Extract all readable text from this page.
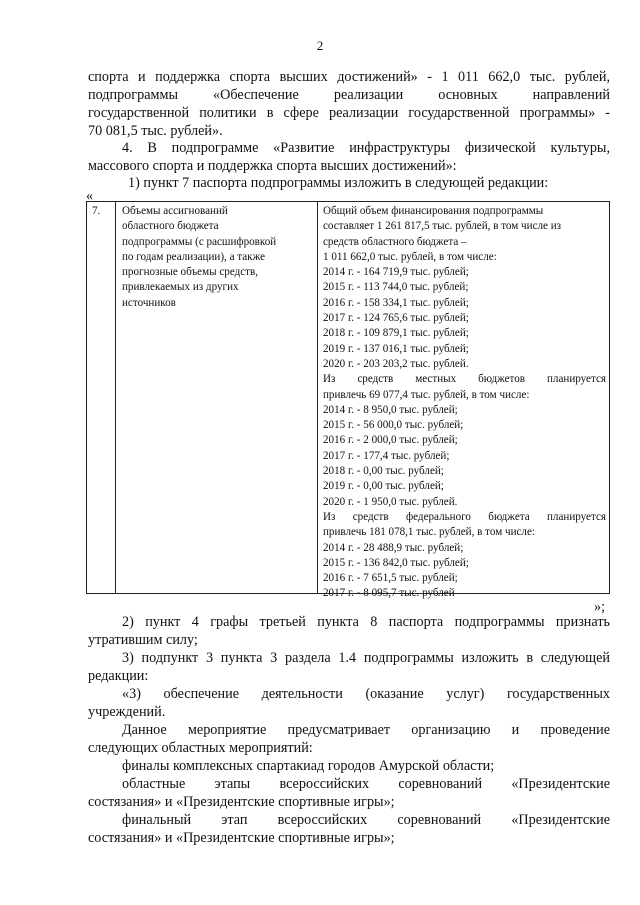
2
спорта и поддержка спорта высших достижений» - 1 011 662,0 тыс. рублей,
подпрограммы «Обеспечение реализации основных направлений
государственной политики в сфере реализации государственной программы» -
70 081,5 тыс. рублей».
4. В подпрограмме «Развитие инфраструктуры физической культуры,
массового спорта и поддержка спорта высших достижений»:
1) пункт 7 паспорта подпрограммы изложить в следующей редакции:
«
7. Объемы ассигнований
областного бюджета
подпрограммы (с расшифровкой
по годам реализации), а также
прогнозные объемы средств,
привлекаемых из других
источников
Общий объем финансирования подпрограммы
составляет 1 261 817,5 тыс. рублей, в том числе из
средств областного бюджета –
1 011 662,0 тыс. рублей, в том числе:
2014 г. - 164 719,9 тыс. рублей;
2015 г. - 113 744,0 тыс. рублей;
2016 г. - 158 334,1 тыс. рублей;
2017 г. - 124 765,6 тыс. рублей;
2018 г. - 109 879,1 тыс. рублей;
2019 г. - 137 016,1 тыс. рублей;
2020 г. - 203 203,2 тыс. рублей.
Из средств местных бюджетов планируется
привлечь 69 077,4 тыс. рублей, в том числе:
2014 г. - 8 950,0 тыс. рублей;
2015 г. - 56 000,0 тыс. рублей;
2016 г. - 2 000,0 тыс. рублей;
2017 г. - 177,4 тыс. рублей;
2018 г. - 0,00 тыс. рублей;
2019 г. - 0,00 тыс. рублей;
2020 г. - 1 950,0 тыс. рублей.
Из средств федерального бюджета планируется
привлечь 181 078,1 тыс. рублей, в том числе:
2014 г. - 28 488,9 тыс. рублей;
2015 г. - 136 842,0 тыс. рублей;
2016 г. - 7 651,5 тыс. рублей;
2017 г. - 8 095,7 тыс. рублей
»;
2) пункт 4 графы третьей пункта 8 паспорта подпрограммы признать
утратившим силу;
3) подпункт 3 пункта 3 раздела 1.4 подпрограммы изложить в следующей
редакции:
«3) обеспечение деятельности (оказание услуг) государственных
учреждений.
Данное мероприятие предусматривает организацию и проведение
следующих областных мероприятий:
финалы комплексных спартакиад городов Амурской области;
областные этапы всероссийских соревнований «Президентские
состязания» и «Президентские спортивные игры»;
финальный этап всероссийских соревнований «Президентские
состязания» и «Президентские спортивные игры»;
